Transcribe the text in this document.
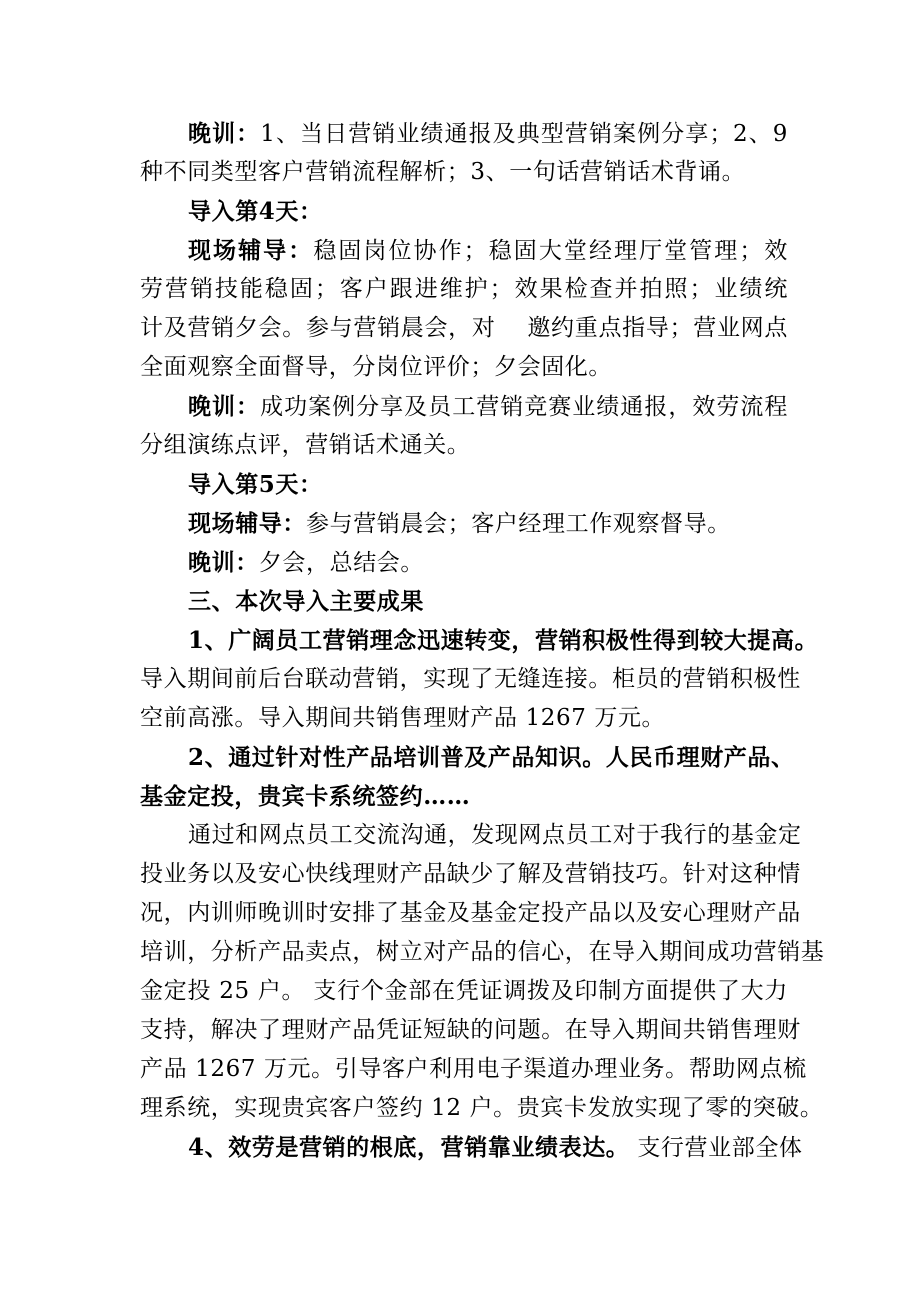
晚训：1、当日营销业绩通报及典型营销案例分享；2、9
种不同类型客户营销流程解析；3、一句话营销话术背诵。
导入第4天：
现场辅导：稳固岗位协作；稳固大堂经理厅堂管理；效
劳营销技能稳固；客户跟进维护；效果检查并拍照；业绩统
计及营销夕会。参与营销晨会，对　 邀约重点指导；营业网点
全面观察全面督导，分岗位评价；夕会固化。
晚训：成功案例分享及员工营销竞赛业绩通报，效劳流程
分组演练点评，营销话术通关。
导入第5天：
现场辅导：参与营销晨会；客户经理工作观察督导。
晚训：夕会，总结会。
三、本次导入主要成果
1、广阔员工营销理念迅速转变，营销积极性得到较大提高。
导入期间前后台联动营销，实现了无缝连接。柜员的营销积极性
空前高涨。导入期间共销售理财产品 1267 万元。
2、通过针对性产品培训普及产品知识。人民币理财产品、
基金定投，贵宾卡系统签约……
通过和网点员工交流沟通，发现网点员工对于我行的基金定
投业务以及安心快线理财产品缺少了解及营销技巧。针对这种情
况，内训师晚训时安排了基金及基金定投产品以及安心理财产品
培训，分析产品卖点，树立对产品的信心，在导入期间成功营销基
金定投 25 户。 支行个金部在凭证调拨及印制方面提供了大力
支持，解决了理财产品凭证短缺的问题。在导入期间共销售理财
产品 1267 万元。引导客户利用电子渠道办理业务。帮助网点梳
理系统，实现贵宾客户签约 12 户。贵宾卡发放实现了零的突破。
4、效劳是营销的根底，营销靠业绩表达。 支行营业部全体
